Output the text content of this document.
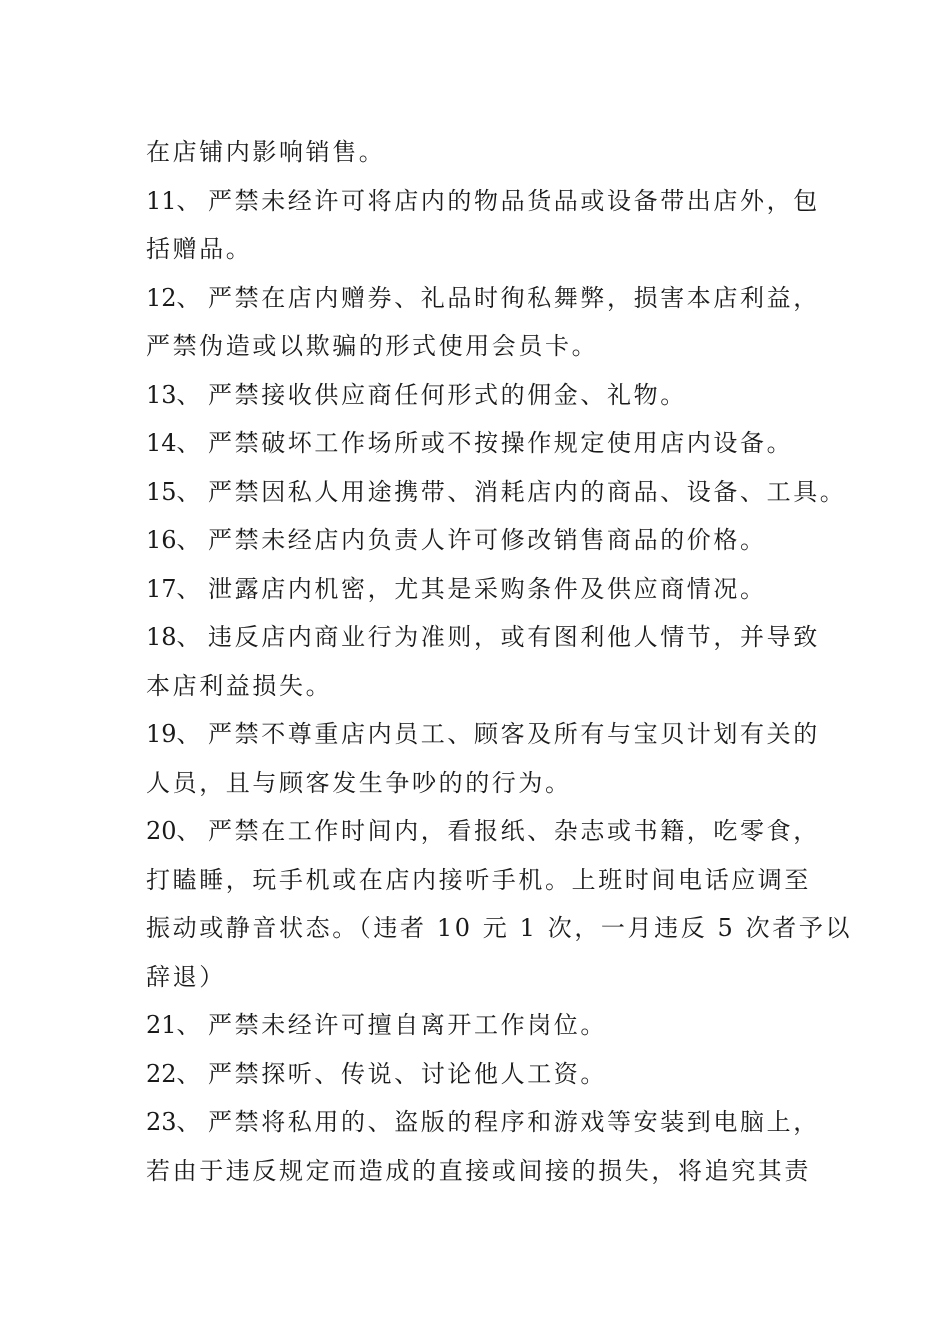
在店铺内影响销售。
11、 严禁未经许可将店内的物品货品或设备带出店外，包
括赠品。
12、 严禁在店内赠券、礼品时徇私舞弊，损害本店利益，
严禁伪造或以欺骗的形式使用会员卡。
13、 严禁接收供应商任何形式的佣金、礼物。
14、 严禁破坏工作场所或不按操作规定使用店内设备。
15、 严禁因私人用途携带、消耗店内的商品、设备、工具。
16、 严禁未经店内负责人许可修改销售商品的价格。
17、 泄露店内机密，尤其是采购条件及供应商情况。
18、 违反店内商业行为准则，或有图利他人情节，并导致
本店利益损失。
19、 严禁不尊重店内员工、顾客及所有与宝贝计划有关的
人员，且与顾客发生争吵的的行为。
20、 严禁在工作时间内，看报纸、杂志或书籍，吃零食，
打瞌睡，玩手机或在店内接听手机。上班时间电话应调至
振动或静音状态。（违者 10 元 1 次，一月违反 5 次者予以
辞退）
21、 严禁未经许可擅自离开工作岗位。
22、 严禁探听、传说、讨论他人工资。
23、 严禁将私用的、盗版的程序和游戏等安装到电脑上，
若由于违反规定而造成的直接或间接的损失，将追究其责
